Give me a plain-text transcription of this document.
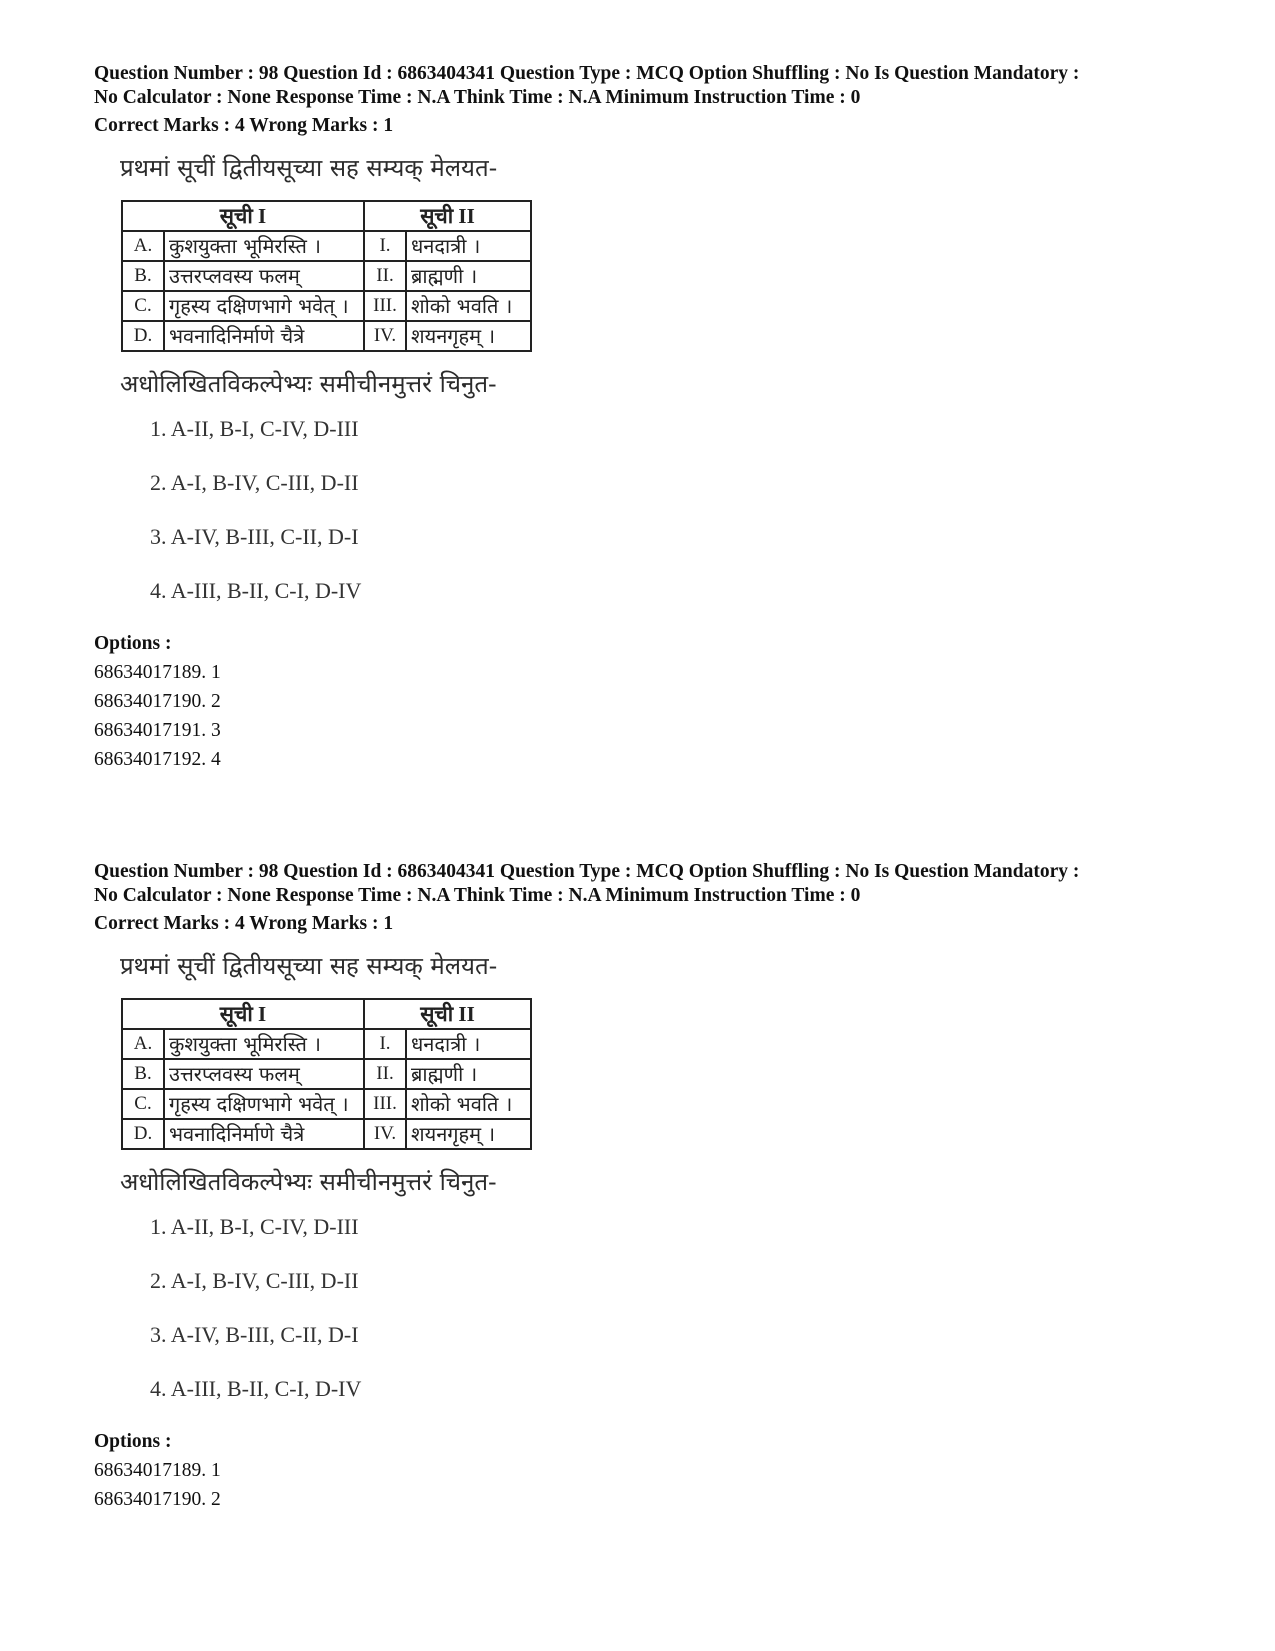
Question Number : 98 Question Id : 6863404341 Question Type : MCQ Option Shuffling : No Is Question Mandatory :

No Calculator : None Response Time : N.A Think Time : N.A Minimum Instruction Time : 0

Correct Marks : 4 Wrong Marks : 1

प्रथमां सूचीं द्वितीयसूच्या सह सम्यक् मेलयत-

सूची I		सूची II	
A.	कुशयुक्ता भूमिरस्ति ।	I.	धनदात्री ।
B.	उत्तरप्लवस्य फलम्	II.	ब्राह्मणी ।
C.	गृहस्य दक्षिणभागे भवेत् ।	III.	शोको भवति ।
D.	भवनादिनिर्माणे चैत्रे	IV.	शयनगृहम् ।

अधोलिखितविकल्पेभ्यः समीचीनमुत्तरं चिनुत-

1. A-II, B-I, C-IV, D-III
2. A-I, B-IV, C-III, D-II
3. A-IV, B-III, C-II, D-I
4. A-III, B-II, C-I, D-IV

Options :

68634017189. 1

68634017190. 2

68634017191. 3

68634017192. 4

Question Number : 98 Question Id : 6863404341 Question Type : MCQ Option Shuffling : No Is Question Mandatory :

No Calculator : None Response Time : N.A Think Time : N.A Minimum Instruction Time : 0

Correct Marks : 4 Wrong Marks : 1

प्रथमां सूचीं द्वितीयसूच्या सह सम्यक् मेलयत-

सूची I		सूची II	
A.	कुशयुक्ता भूमिरस्ति ।	I.	धनदात्री ।
B.	उत्तरप्लवस्य फलम्	II.	ब्राह्मणी ।
C.	गृहस्य दक्षिणभागे भवेत् ।	III.	शोको भवति ।
D.	भवनादिनिर्माणे चैत्रे	IV.	शयनगृहम् ।

अधोलिखितविकल्पेभ्यः समीचीनमुत्तरं चिनुत-

1. A-II, B-I, C-IV, D-III
2. A-I, B-IV, C-III, D-II
3. A-IV, B-III, C-II, D-I
4. A-III, B-II, C-I, D-IV

Options :

68634017189. 1

68634017190. 2
